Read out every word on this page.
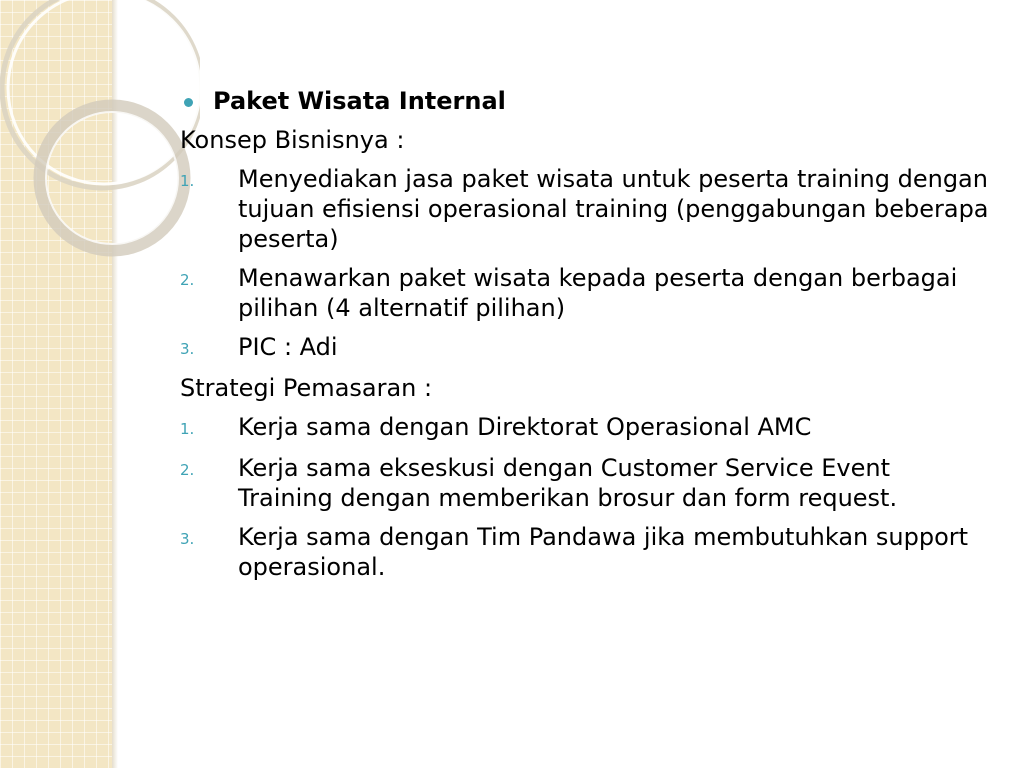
Paket Wisata Internal
Konsep Bisnisnya :
1.	Menyediakan jasa paket wisata untuk peserta training dengan tujuan efisiensi operasional training (penggabungan beberapa peserta)
2.	Menawarkan paket wisata kepada peserta dengan berbagai pilihan (4 alternatif pilihan)
3.	PIC : Adi
Strategi Pemasaran :
1.	Kerja sama dengan Direktorat Operasional AMC
2.	Kerja sama ekseskusi dengan Customer Service Event Training dengan memberikan brosur dan form request.
3.	Kerja sama dengan Tim Pandawa jika membutuhkan support operasional.
